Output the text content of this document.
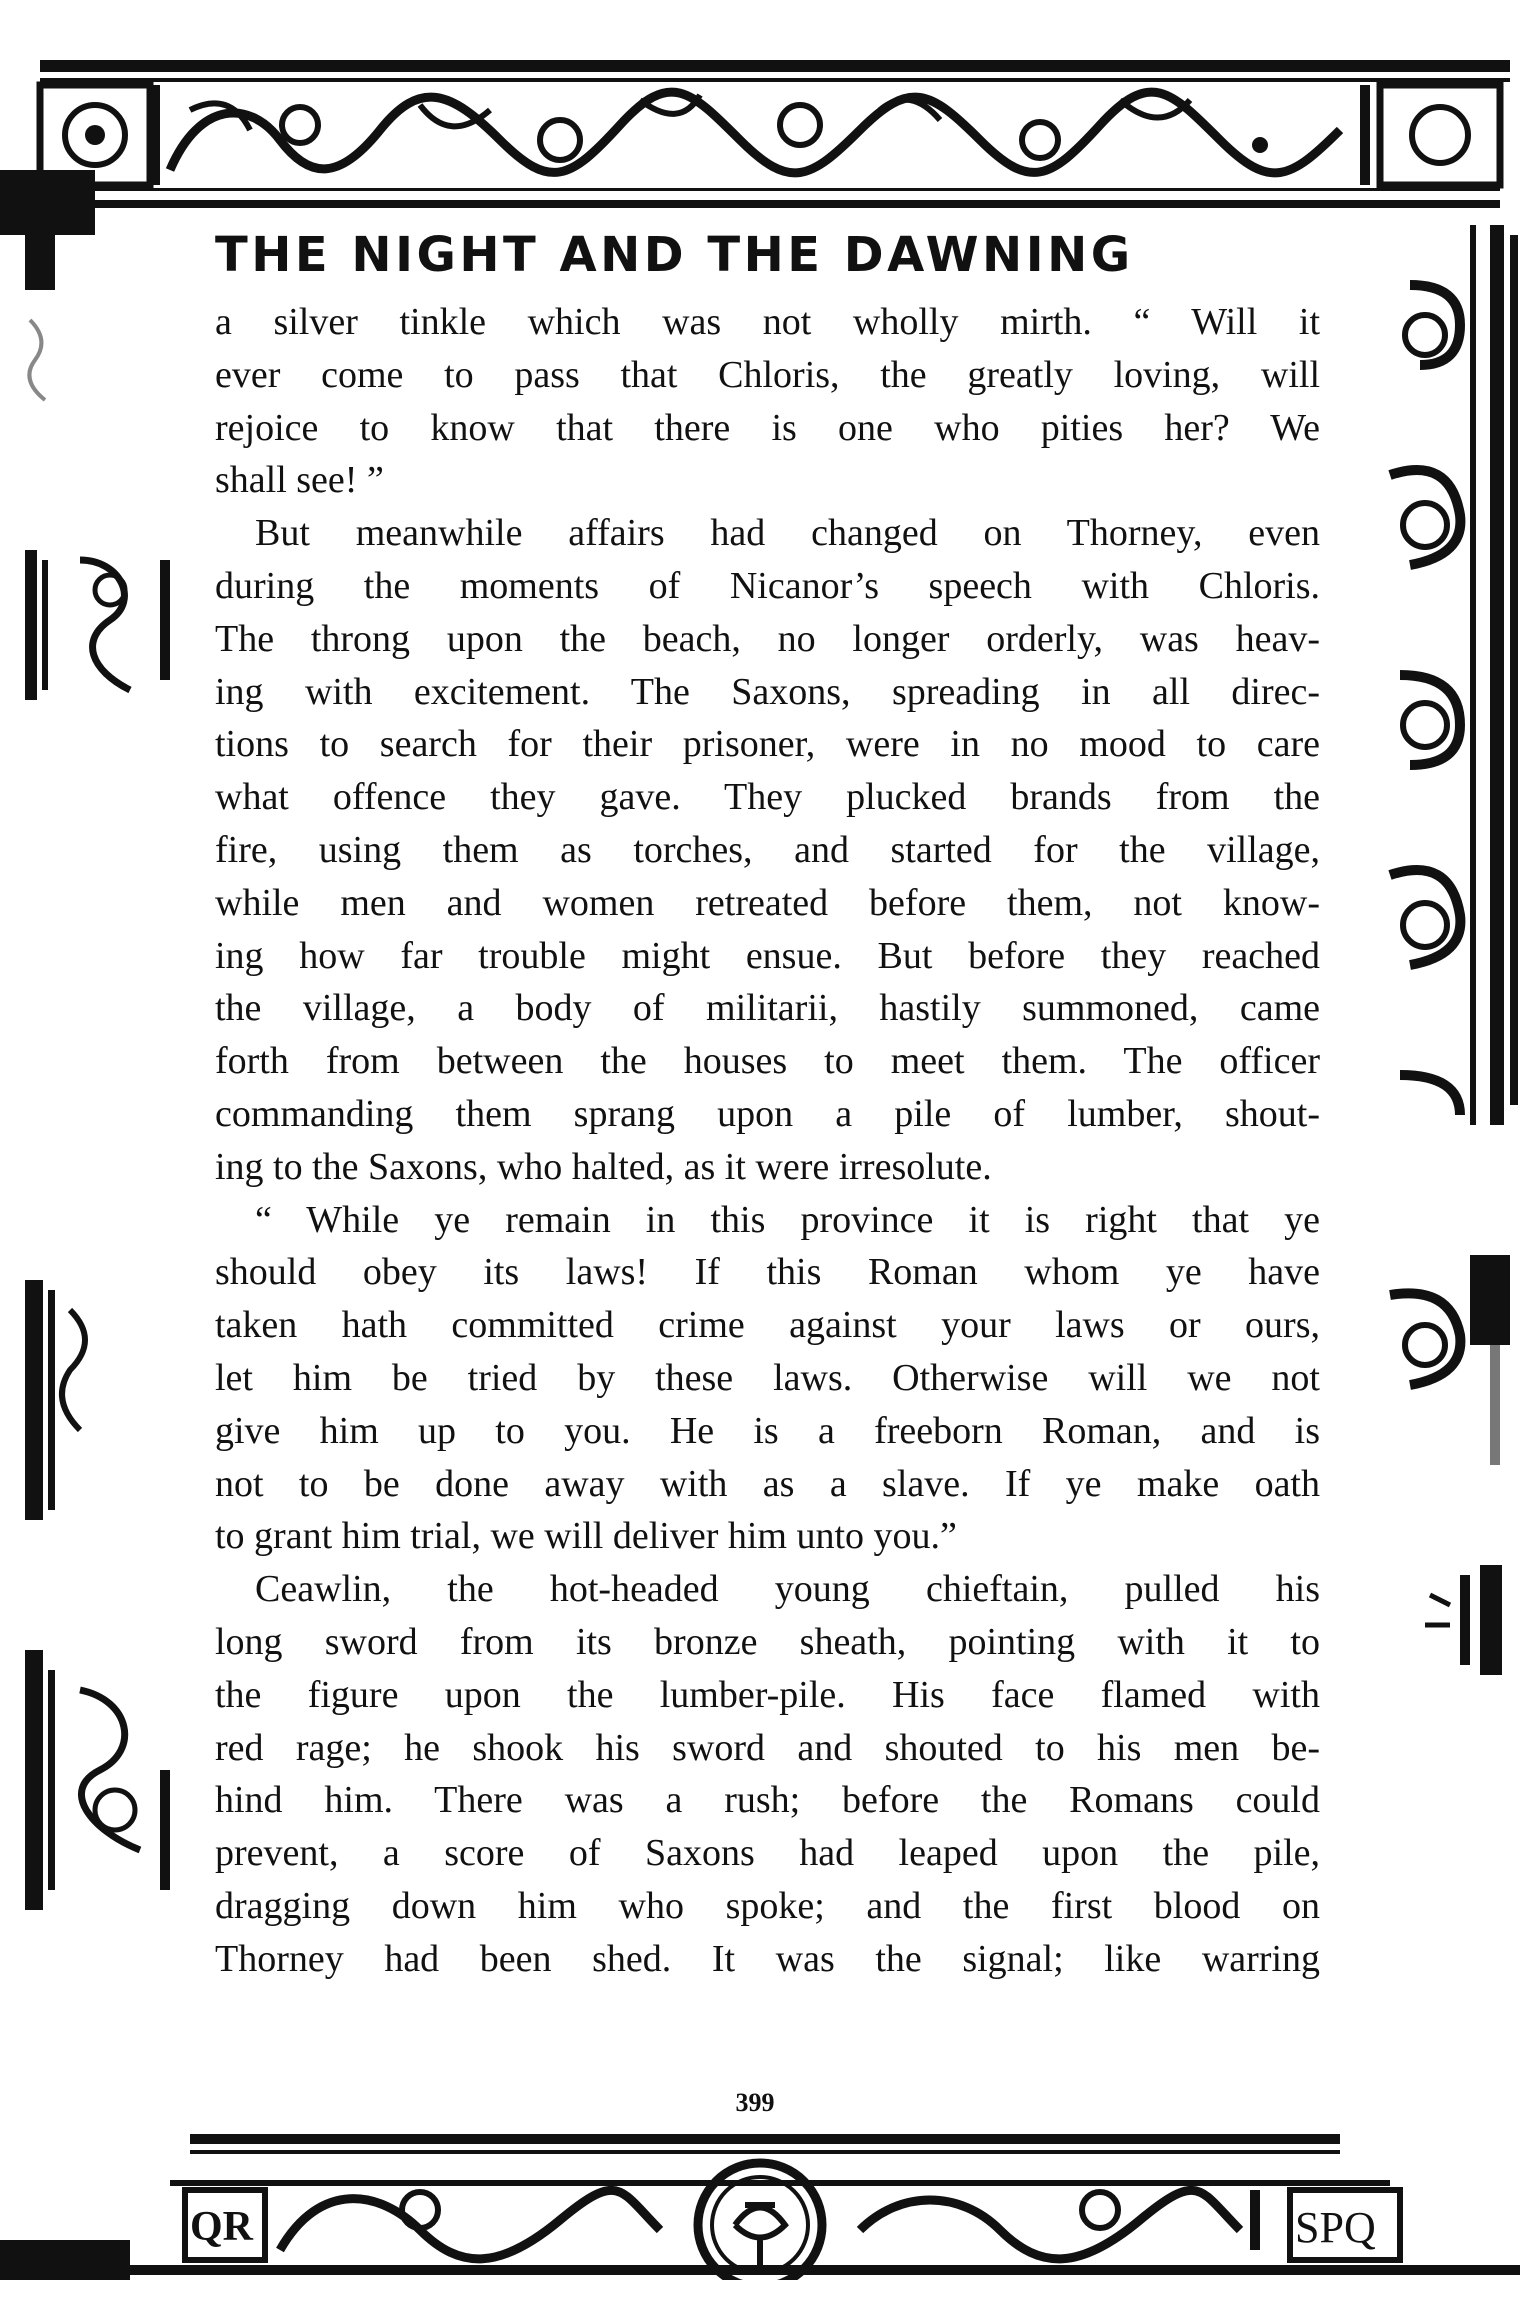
THE NIGHT AND THE DAWNING
a silver tinkle which was not wholly mirth. “ Will it
ever come to pass that Chloris, the greatly loving, will
rejoice to know that there is one who pities her? We
shall see! ”
But meanwhile affairs had changed on Thorney, even
during the moments of Nicanor’s speech with Chloris.
The throng upon the beach, no longer orderly, was heav-
ing with excitement. The Saxons, spreading in all direc-
tions to search for their prisoner, were in no mood to care
what offence they gave. They plucked brands from the
fire, using them as torches, and started for the village,
while men and women retreated before them, not know-
ing how far trouble might ensue. But before they reached
the village, a body of militarii, hastily summoned, came
forth from between the houses to meet them. The officer
commanding them sprang upon a pile of lumber, shout-
ing to the Saxons, who halted, as it were irresolute.
“ While ye remain in this province it is right that ye
should obey its laws! If this Roman whom ye have
taken hath committed crime against your laws or ours,
let him be tried by these laws. Otherwise will we not
give him up to you. He is a freeborn Roman, and is
not to be done away with as a slave. If ye make oath
to grant him trial, we will deliver him unto you.”
Ceawlin, the hot-headed young chieftain, pulled his
long sword from its bronze sheath, pointing with it to
the figure upon the lumber-pile. His face flamed with
red rage; he shook his sword and shouted to his men be-
hind him. There was a rush; before the Romans could
prevent, a score of Saxons had leaped upon the pile,
dragging down him who spoke; and the first blood on
Thorney had been shed. It was the signal; like warring
399
QR	SPQ
